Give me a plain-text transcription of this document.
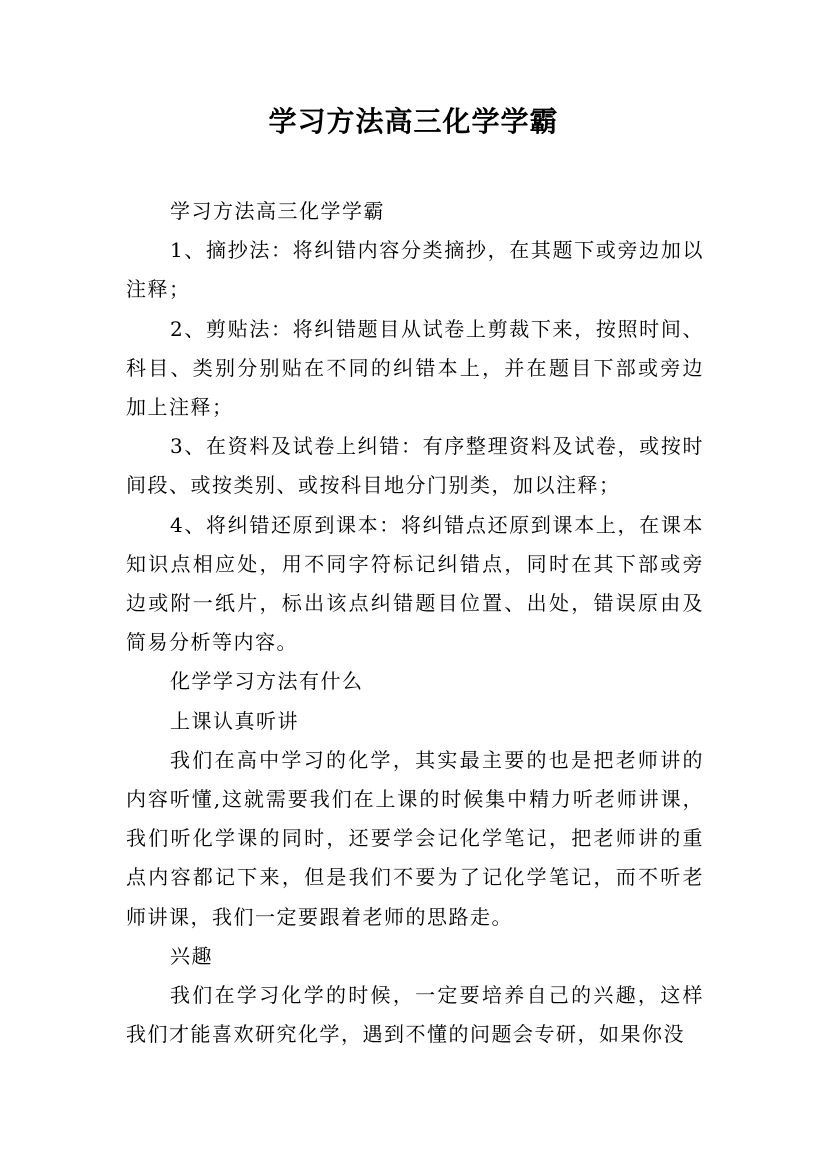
学习方法高三化学学霸

学习方法高三化学学霸

1、摘抄法：将纠错内容分类摘抄，在其题下或旁边加以注释；

2、剪贴法：将纠错题目从试卷上剪裁下来，按照时间、科目、类别分别贴在不同的纠错本上，并在题目下部或旁边加上注释；

3、在资料及试卷上纠错：有序整理资料及试卷，或按时间段、或按类别、或按科目地分门别类，加以注释；

4、将纠错还原到课本：将纠错点还原到课本上，在课本知识点相应处，用不同字符标记纠错点，同时在其下部或旁边或附一纸片，标出该点纠错题目位置、出处，错误原由及简易分析等内容。

化学学习方法有什么

上课认真听讲

我们在高中学习的化学，其实最主要的也是把老师讲的内容听懂,这就需要我们在上课的时候集中精力听老师讲课，我们听化学课的同时，还要学会记化学笔记，把老师讲的重点内容都记下来，但是我们不要为了记化学笔记，而不听老师讲课，我们一定要跟着老师的思路走。

兴趣

我们在学习化学的时候，一定要培养自己的兴趣，这样我们才能喜欢研究化学，遇到不懂的问题会专研，如果你没
